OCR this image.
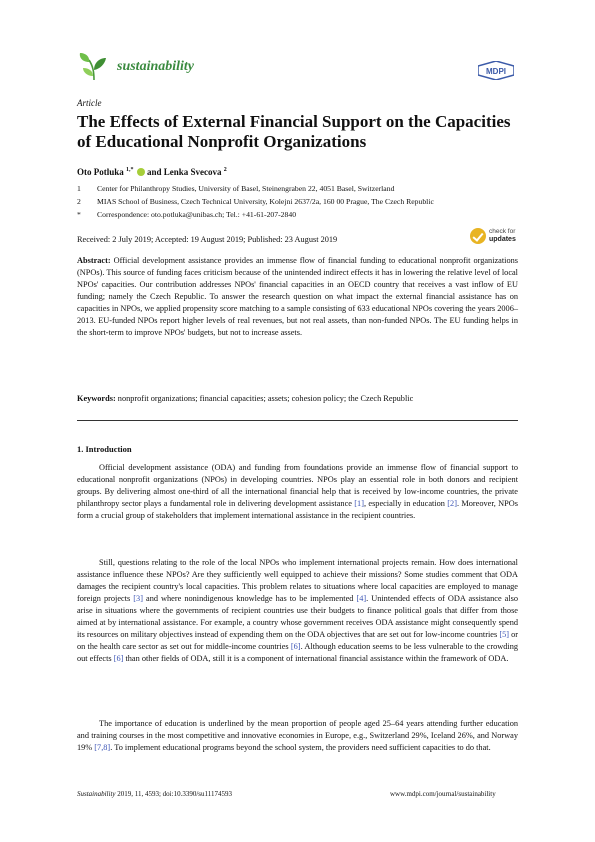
sustainability	MDPI
Article
The Effects of External Financial Support on the Capacities of Educational Nonprofit Organizations
Oto Potluka $^{1,*}$ and Lenka Svecova $^2$
1 Center for Philanthropy Studies, University of Basel, Steinengraben 22, 4051 Basel, Switzerland
2 MIAS School of Business, Czech Technical University, Kolejni 2637/2a, 160 00 Prague, The Czech Republic
* Correspondence: oto.potluka@unibas.ch; Tel.: +41-61-207-2840
Received: 2 July 2019; Accepted: 19 August 2019; Published: 23 August 2019
check for
updates
Abstract: Official development assistance provides an immense flow of financial funding to educational nonprofit organizations (NPOs). This source of funding faces criticism because of the unintended indirect effects it has in lowering the relative level of local NPOs' capacities. Our contribution addresses NPOs' financial capacities in an OECD country that receives a vast inflow of EU funding; namely the Czech Republic. To answer the research question on what impact the external financial assistance has on capacities in NPOs, we applied propensity score matching to a sample consisting of 633 educational NPOs covering the years 2006–2013. EU-funded NPOs report higher levels of real revenues, but not real assets, than non-funded NPOs. The EU funding helps in the short-term to improve NPOs' budgets, but not to increase assets.
Keywords: nonprofit organizations; financial capacities; assets; cohesion policy; the Czech Republic
1. Introduction
Official development assistance (ODA) and funding from foundations provide an immense flow of financial support to educational nonprofit organizations (NPOs) in developing countries. NPOs play an essential role in both donors and recipient groups. By delivering almost one-third of all the international financial help that is received by low-income countries, the private philanthropy sector plays a fundamental role in delivering development assistance [1], especially in education [2]. Moreover, NPOs form a crucial group of stakeholders that implement international assistance in the recipient countries.
Still, questions relating to the role of the local NPOs who implement international projects remain. How does international assistance influence these NPOs? Are they sufficiently well equipped to achieve their missions? Some studies comment that ODA damages the recipient country's local capacities. This problem relates to situations where local capacities are employed to manage foreign projects [3] and where nonindigenous knowledge has to be implemented [4]. Unintended effects of ODA assistance also arise in situations where the governments of recipient countries use their budgets to finance political goals that differ from those aimed at by international assistance. For example, a country whose government receives ODA assistance might consequently spend its resources on military objectives instead of expending them on the ODA objectives that are set out for low-income countries [5] or on the health care sector as set out for middle-income countries [6]. Although education seems to be less vulnerable to the crowding out effects [6] than other fields of ODA, still it is a component of international financial assistance within the framework of ODA.
The importance of education is underlined by the mean proportion of people aged 25–64 years attending further education and training courses in the most competitive and innovative economies in Europe, e.g., Switzerland 29%, Iceland 26%, and Norway 19% [7,8]. To implement educational programs beyond the school system, the providers need sufficient capacities to do that.
Sustainability 2019, 11, 4593; doi:10.3390/su11174593	www.mdpi.com/journal/sustainability
